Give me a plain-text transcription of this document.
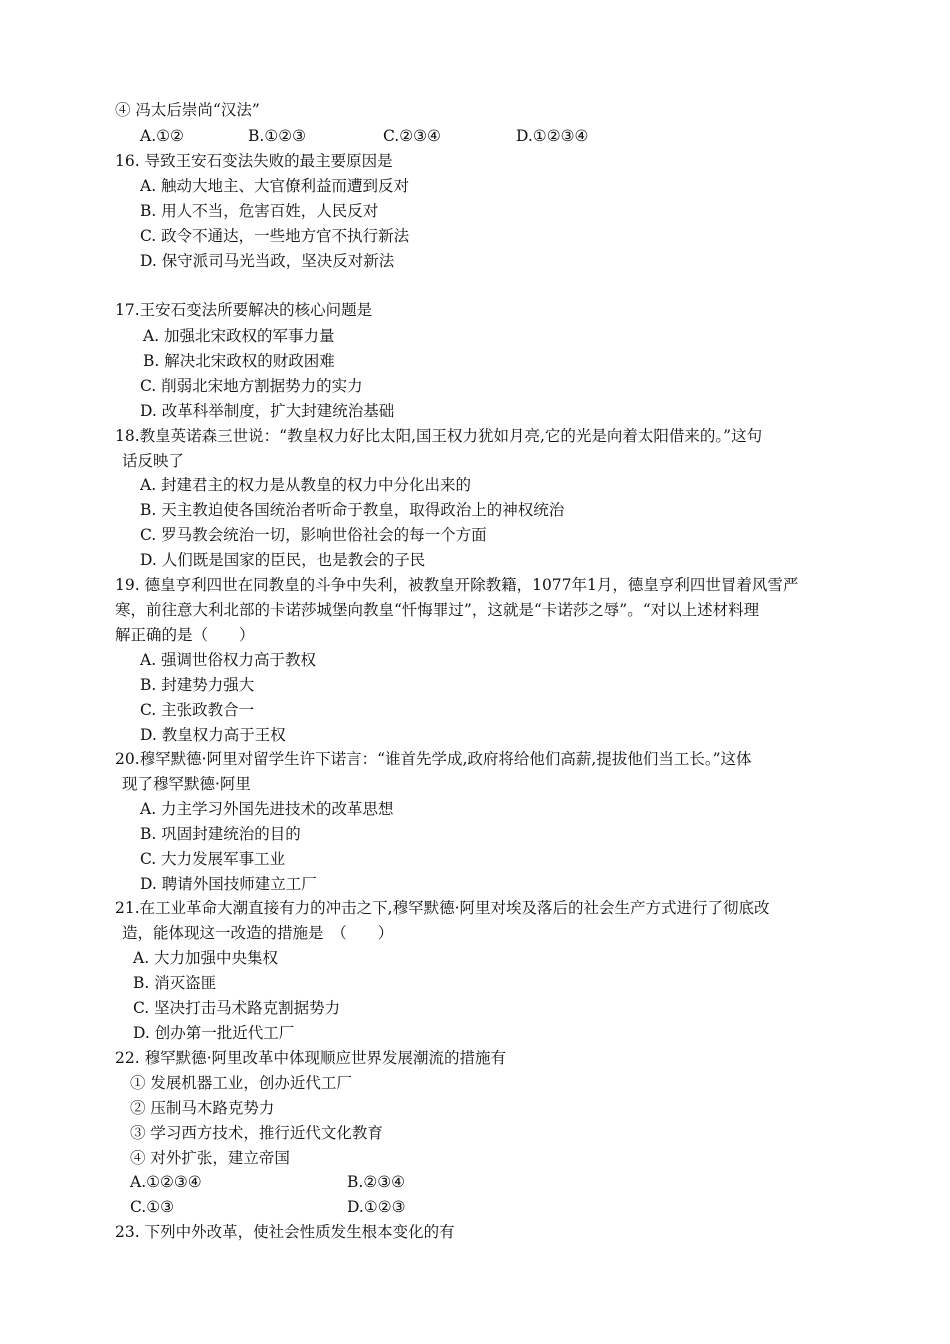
④ 冯太后崇尚“汉法”
A.①②	B.①②③	C.②③④	D.①②③④
16. 导致王安石变法失败的最主要原因是
A. 触动大地主、大官僚利益而遭到反对
B. 用人不当，危害百姓，人民反对
C. 政令不通达，一些地方官不执行新法
D. 保守派司马光当政，坚决反对新法
17.王安石变法所要解决的核心问题是
A. 加强北宋政权的军事力量
B. 解决北宋政权的财政困难
C. 削弱北宋地方割据势力的实力
D. 改革科举制度，扩大封建统治基础
18.教皇英诺森三世说：“教皇权力好比太阳,国王权力犹如月亮,它的光是向着太阳借来的。”这句
话反映了
A. 封建君主的权力是从教皇的权力中分化出来的
B. 天主教迫使各国统治者听命于教皇，取得政治上的神权统治
C. 罗马教会统治一切，影响世俗社会的每一个方面
D. 人们既是国家的臣民，也是教会的子民
19. 德皇亨利四世在同教皇的斗争中失利，被教皇开除教籍，1077年1月，德皇亨利四世冒着风雪严
寒，前往意大利北部的卡诺莎城堡向教皇“忏悔罪过”，这就是“卡诺莎之辱”。“对以上述材料理
解正确的是（　　）
A. 强调世俗权力高于教权
B. 封建势力强大
C. 主张政教合一
D. 教皇权力高于王权
20.穆罕默德·阿里对留学生许下诺言：“谁首先学成,政府将给他们高薪,提拔他们当工长。”这体
现了穆罕默德·阿里
A. 力主学习外国先进技术的改革思想
B. 巩固封建统治的目的
C. 大力发展军事工业
D. 聘请外国技师建立工厂
21.在工业革命大潮直接有力的冲击之下,穆罕默德·阿里对埃及落后的社会生产方式进行了彻底改
造，能体现这一改造的措施是　（　　）
A. 大力加强中央集权
B. 消灭盗匪
C. 坚决打击马术路克割据势力
D. 创办第一批近代工厂
22. 穆罕默德·阿里改革中体现顺应世界发展潮流的措施有
① 发展机器工业，创办近代工厂
② 压制马木路克势力
③ 学习西方技术，推行近代文化教育
④ 对外扩张，建立帝国
A.①②③④	B.②③④
C.①③	D.①②③
23. 下列中外改革，使社会性质发生根本变化的有
